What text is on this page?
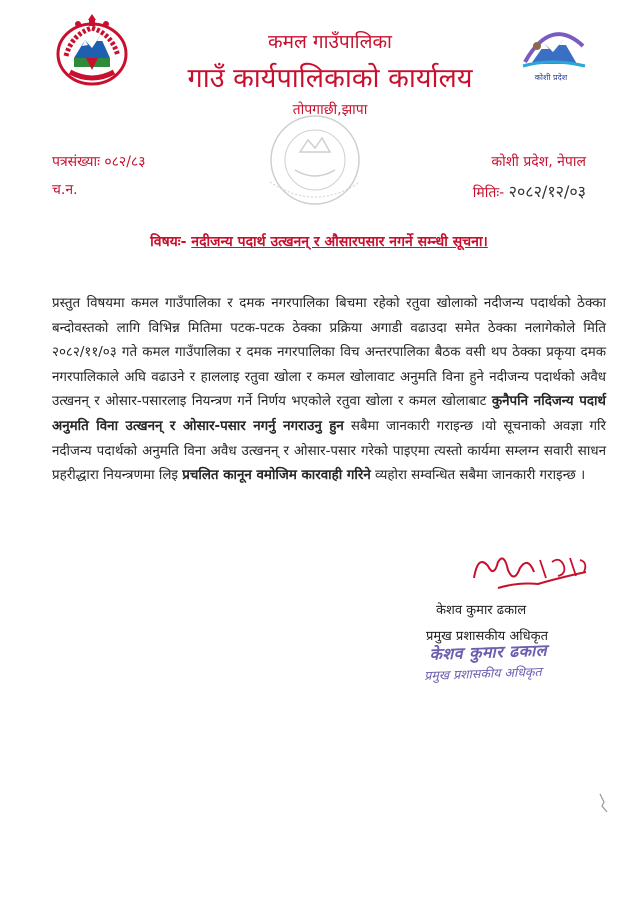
कोशी प्रदेश
कमल गाउँपालिका
गाउँ कार्यपालिकाको कार्यालय
तोपगाछी,झापा
पत्रसंख्याः ०८२/८३
च.न.
कोशी प्रदेश, नेपाल
मितिः- २०८२/१२/०३
विषयः- नदीजन्य पदार्थ उत्खनन् र औसारपसार नगर्ने सम्न्धी सूचना।
प्रस्तुत विषयमा कमल गाउँपालिका र दमक नगरपालिका बिचमा रहेको रतुवा खोलाको नदीजन्य पदार्थको ठेक्का बन्दोवस्तको लागि विभिन्न मितिमा पटक-पटक ठेक्का प्रक्रिया अगाडी वढाउदा समेत ठेक्का नलागेकोले मिति २०८२/११/०३ गते कमल गाउँपालिका र दमक नगरपालिका विच अन्तरपालिका बैठक वसी थप ठेक्का प्रकृया दमक नगरपालिकाले अघि वढाउने र हाललाइ रतुवा खोला र कमल खोलावाट अनुमति विना हुने नदीजन्य पदार्थको अवैध उत्खनन् र ओसार-पसारलाइ नियन्त्रण गर्ने निर्णय भएकोले रतुवा खोला र कमल खोलाबाट कुनैपनि नदिजन्य पदार्थ अनुमति विना उत्खनन् र ओसार-पसार नगर्नु नगराउनु हुन सबैमा जानकारी गराइन्छ ।यो सूचनाको अवज्ञा गरि नदीजन्य पदार्थको अनुमति विना अवैध उत्खनन् र ओसार-पसार गरेको पाइएमा त्यस्तो कार्यमा सम्लग्न सवारी साधन प्रहरीद्धारा नियन्त्रणमा लिइ प्रचलित कानून वमोजिम कारवाही गरिने व्यहोरा सम्वन्धित सबैमा जानकारी गराइन्छ ।
केशव कुमार ढकाल
प्रमुख प्रशासकीय अधिकृत
केशव कुमार ढकाल
प्रमुख प्रशासकीय अधिकृत
